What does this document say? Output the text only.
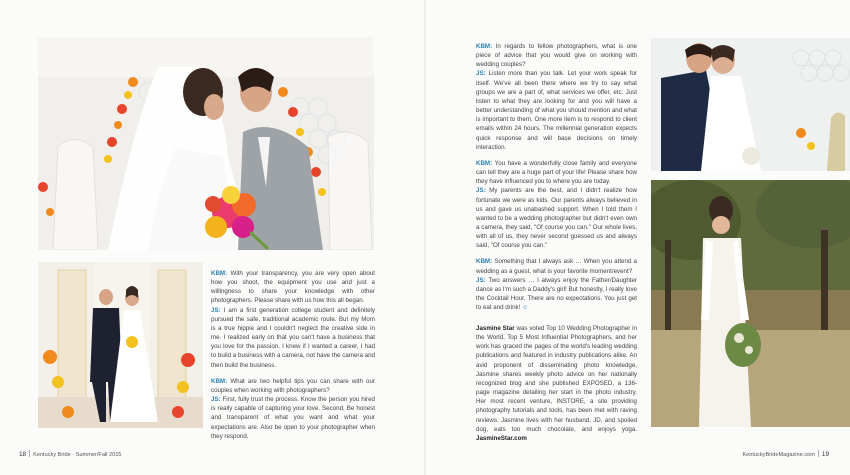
KBM: With your transparency, you are very open about how you shoot, the equipment you use and just a willingness to share your knowledge with other photographers. Please share with us how this all began.
JS: I am a first generation college student and definitely pursued the safe, traditional academic route. But my Mom is a true hippie and I couldn't neglect the creative side in me. I realized early on that you can't have a business that you love for the passion. I knew if I wanted a career, I had to build a business with a camera, not have the camera and then build the business.

KBM: What are two helpful tips you can share with our couples when working with photographers?
JS: First, fully trust the process. Know the person you hired is really capable of capturing your love. Second, Be honest and transparent of what you want and what your expectations are. Also be open to your photographer when they respond.

KBM: In regards to fellow photographers, what is one piece of advice that you would give on working with wedding couples?
JS: Listen more than you talk. Let your work speak for itself. We've all been there where we try to say what groups we are a part of, what services we offer, etc. Just listen to what they are looking for and you will have a better understanding of what you should mention and what is important to them. One more item is to respond to client emails within 24 hours. The millennial generation expects quick response and will base decisions on timely interaction.

KBM: You have a wonderfully close family and everyone can tell they are a huge part of your life! Please share how they have influenced you to where you are today.
JS: My parents are the best, and I didn't realize how fortunate we were as kids. Our parents always believed in us and gave us unabashed support. When I told them I wanted to be a wedding photographer but didn't even own a camera, they said, "Of course you can." Our whole lives, with all of us, they never second guessed us and always said, "Of course you can."

KBM: Something that I always ask … When you attend a wedding as a guest, what is your favorite moment/event?
JS: Two answers … I always enjoy the Father/Daughter dance as I'm such a Daddy's girl! But honestly, I really love the Cocktail Hour. There are no expectations. You just get to eat and drink! ☺

Jasmine Star was voted Top 10 Wedding Photographer in the World, Top 5 Most Influential Photographers, and her work has graced the pages of the world's leading wedding publications and featured in industry publications alike. An avid proponent of disseminating photo knowledge, Jasmine shares weekly photo advice on her nationally recognized blog and she published EXPOSED, a 136-page magazine detailing her start in the photo industry. Her most recent venture, INSTORE, a site providing photography tutorials and tools, has been met with raving reviews. Jasmine lives with her husband, JD, and spoiled dog, eats too much chocolate, and enjoys yoga. JasmineStar.com

18 Kentucky Bride · Summer/Fall 2015	KentuckyBrideMagazine.com 19
